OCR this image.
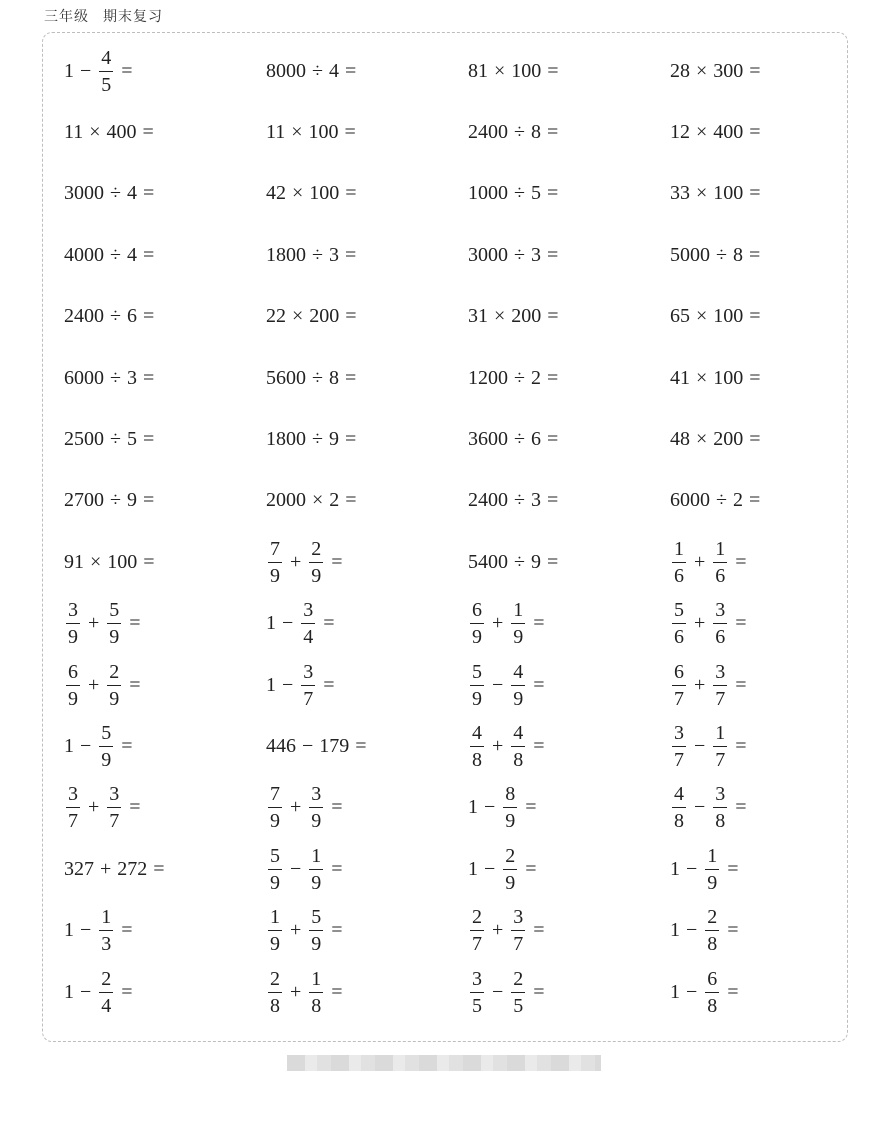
三年级 期末复习
$1 - \frac{4}{5}$ =	8000 ÷ 4 =	81 × 100 =	28 × 300 =
11 × 400 =	11 × 100 =	2400 ÷ 8 =	12 × 400 =
3000 ÷ 4 =	42 × 100 =	1000 ÷ 5 =	33 × 100 =
4000 ÷ 4 =	1800 ÷ 3 =	3000 ÷ 3 =	5000 ÷ 8 =
2400 ÷ 6 =	22 × 200 =	31 × 200 =	65 × 100 =
6000 ÷ 3 =	5600 ÷ 8 =	1200 ÷ 2 =	41 × 100 =
2500 ÷ 5 =	1800 ÷ 9 =	3600 ÷ 6 =	48 × 200 =
2700 ÷ 9 =	2000 × 2 =	2400 ÷ 3 =	6000 ÷ 2 =
91 × 100 =	$\frac{7}{9} + \frac{2}{9}$ =	5400 ÷ 9 =	$\frac{1}{6} + \frac{1}{6}$ =
$\frac{3}{9} + \frac{5}{9}$ =	$1 - \frac{3}{4}$ =	$\frac{6}{9} + \frac{1}{9}$ =	$\frac{5}{6} + \frac{3}{6}$ =
$\frac{6}{9} + \frac{2}{9}$ =	$1 - \frac{3}{7}$ =	$\frac{5}{9} - \frac{4}{9}$ =	$\frac{6}{7} + \frac{3}{7}$ =
$1 - \frac{5}{9}$ =	446 − 179 =	$\frac{4}{8} + \frac{4}{8}$ =	$\frac{3}{7} - \frac{1}{7}$ =
$\frac{3}{7} + \frac{3}{7}$ =	$\frac{7}{9} + \frac{3}{9}$ =	$1 - \frac{8}{9}$ =	$\frac{4}{8} - \frac{3}{8}$ =
327 + 272 =	$\frac{5}{9} - \frac{1}{9}$ =	$1 - \frac{2}{9}$ =	$1 - \frac{1}{9}$ =
$1 - \frac{1}{3}$ =	$\frac{1}{9} + \frac{5}{9}$ =	$\frac{2}{7} + \frac{3}{7}$ =	$1 - \frac{2}{8}$ =
$1 - \frac{2}{4}$ =	$\frac{2}{8} + \frac{1}{8}$ =	$\frac{3}{5} - \frac{2}{5}$ =	$1 - \frac{6}{8}$ =
